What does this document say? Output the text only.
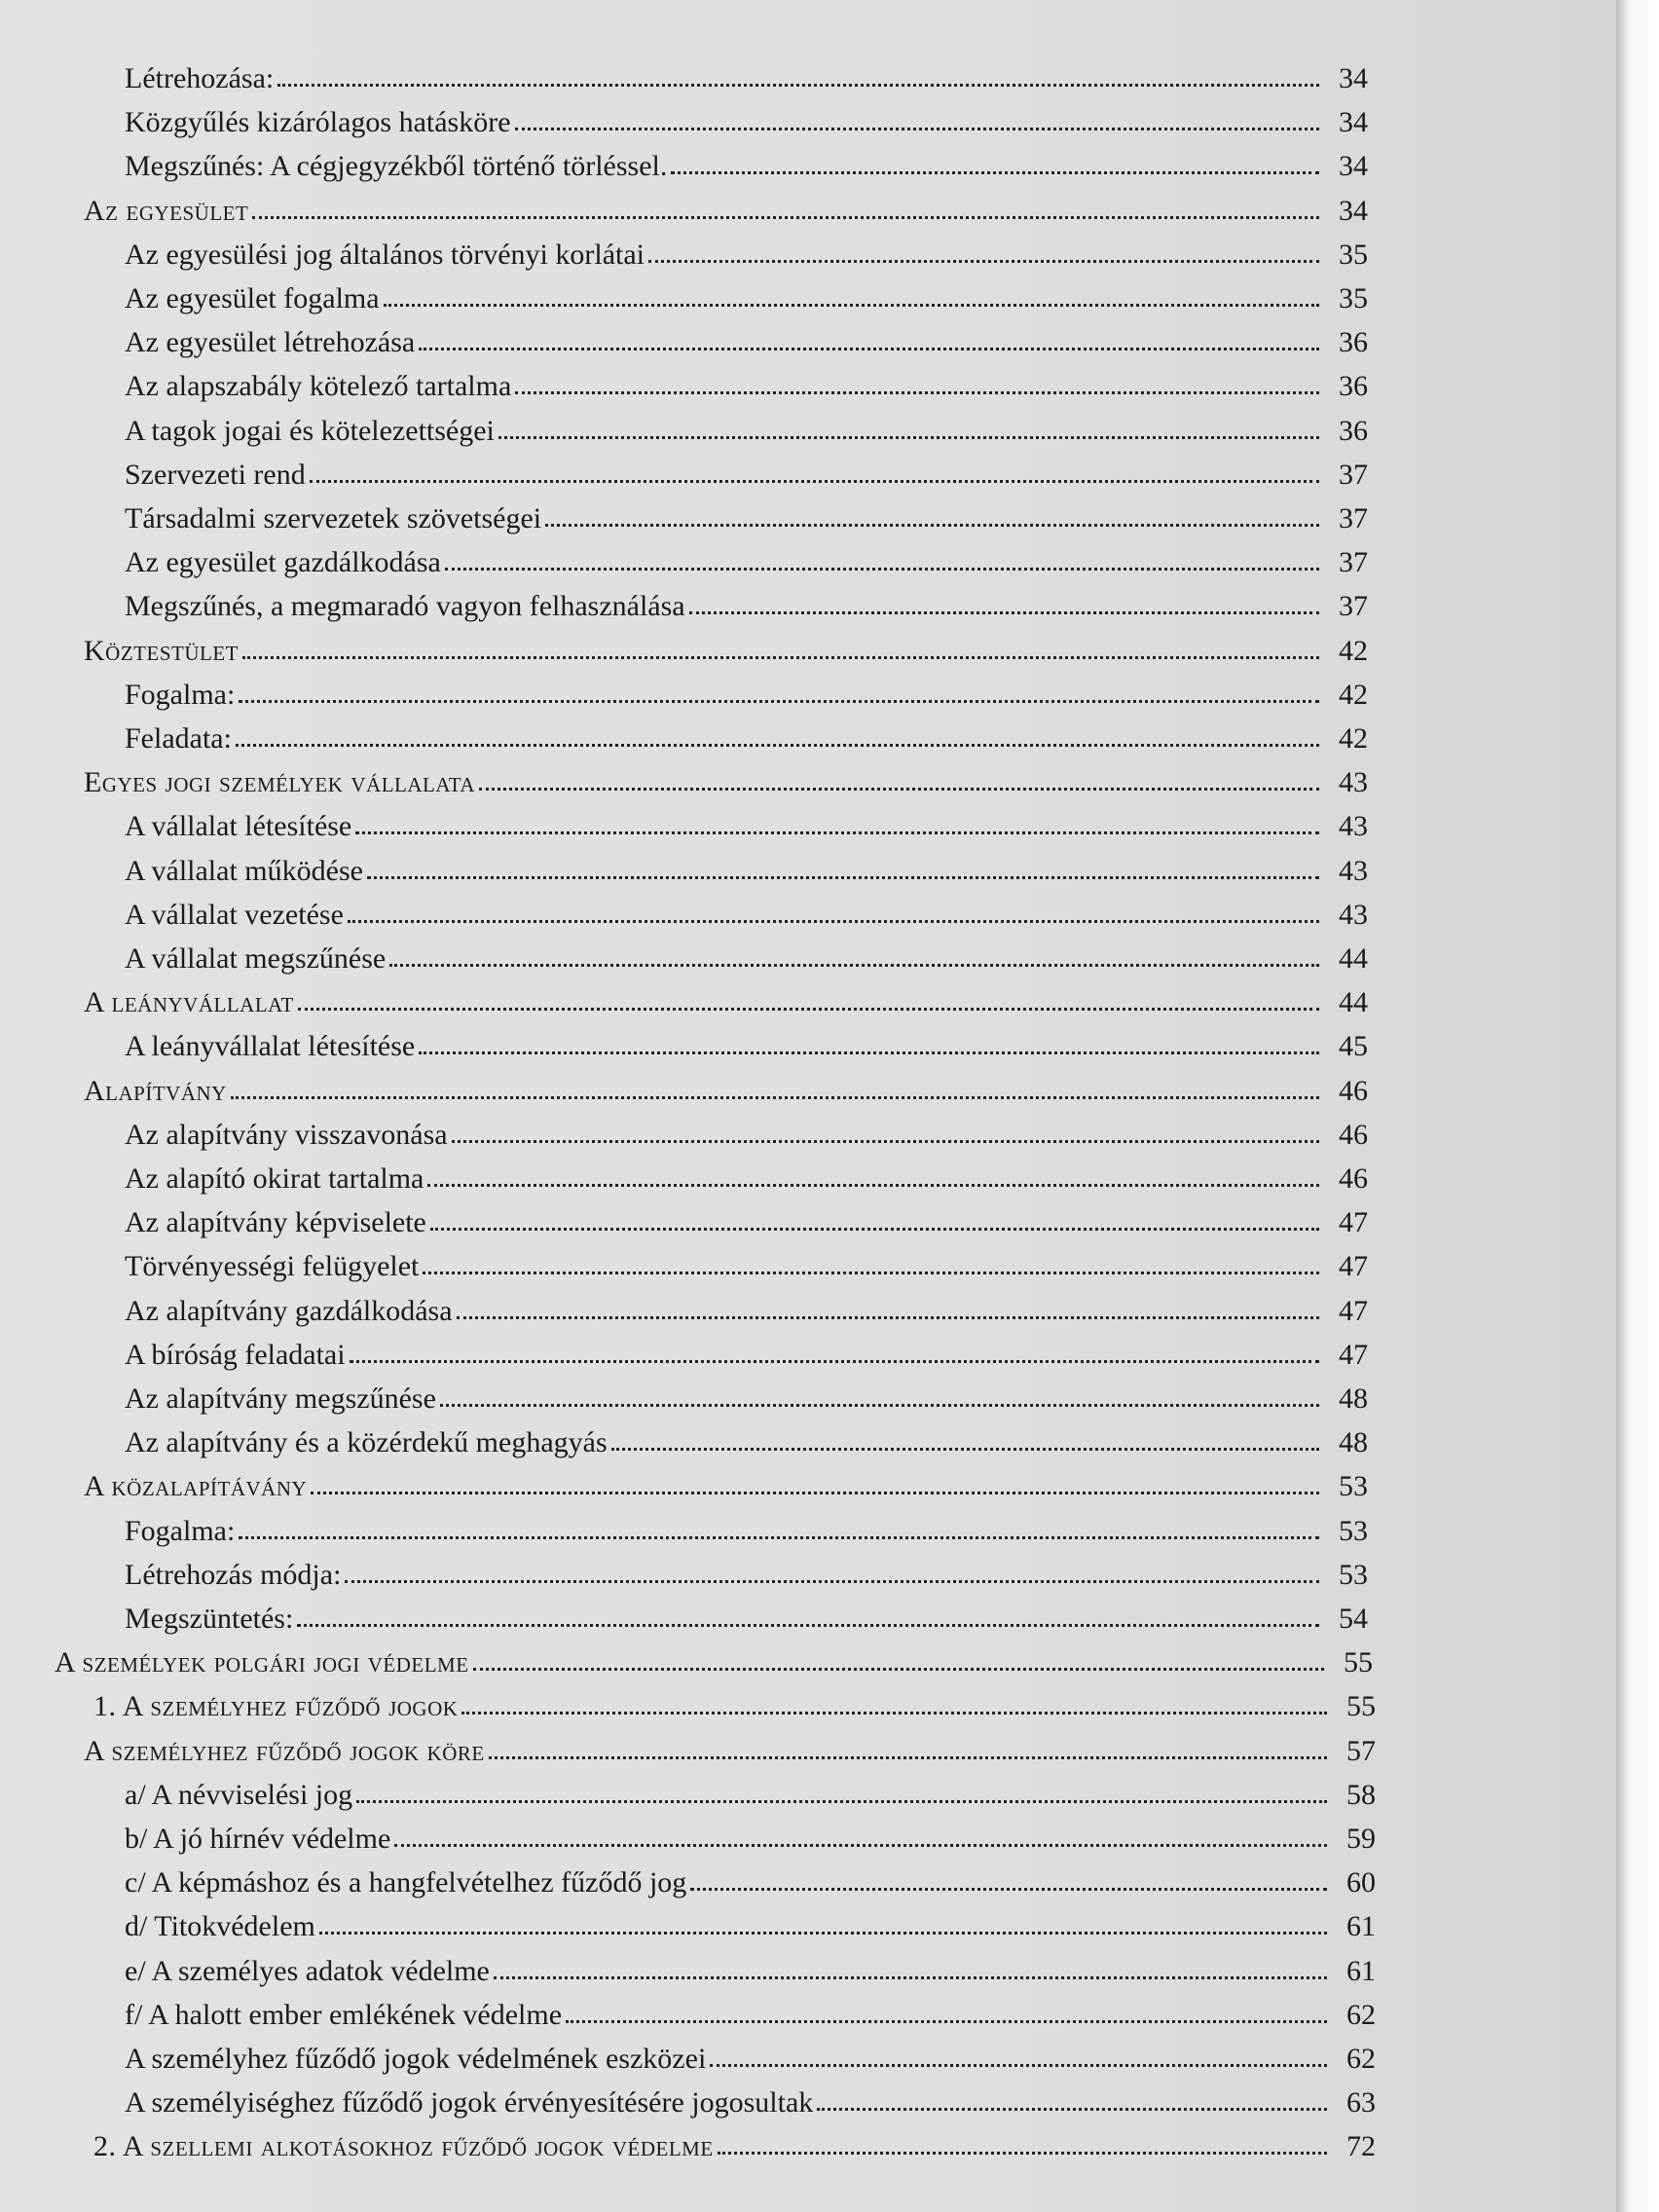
Létrehozása:	34
Közgyűlés kizárólagos hatásköre	34
Megszűnés: A cégjegyzékből történő törléssel.	34
Az egyesület	34
Az egyesülési jog általános törvényi korlátai	35
Az egyesület fogalma	35
Az egyesület létrehozása	36
Az alapszabály kötelező tartalma	36
A tagok jogai és kötelezettségei	36
Szervezeti rend	37
Társadalmi szervezetek szövetségei	37
Az egyesület gazdálkodása	37
Megszűnés, a megmaradó vagyon felhasználása	37
Köztestület	42
Fogalma:	42
Feladata:	42
Egyes jogi személyek vállalata	43
A vállalat létesítése	43
A vállalat működése	43
A vállalat vezetése	43
A vállalat megszűnése	44
A leányvállalat	44
A leányvállalat létesítése	45
Alapítvány	46
Az alapítvány visszavonása	46
Az alapító okirat tartalma	46
Az alapítvány képviselete	47
Törvényességi felügyelet	47
Az alapítvány gazdálkodása	47
A bíróság feladatai	47
Az alapítvány megszűnése	48
Az alapítvány és a közérdekű meghagyás	48
A közalapítávány	53
Fogalma:	53
Létrehozás módja:	53
Megszüntetés:	54
A személyek polgári jogi védelme	55
1. A személyhez fűződő jogok	55
A személyhez fűződő jogok köre	57
a/ A névviselési jog	58
b/ A jó hírnév védelme	59
c/ A képmáshoz és a hangfelvételhez fűződő jog	60
d/ Titokvédelem	61
e/ A személyes adatok védelme	61
f/ A halott ember emlékének védelme	62
A személyhez fűződő jogok védelmének eszközei	62
A személyiséghez fűződő jogok érvényesítésére jogosultak	63
2. A szellemi alkotásokhoz fűződő jogok védelme	72
